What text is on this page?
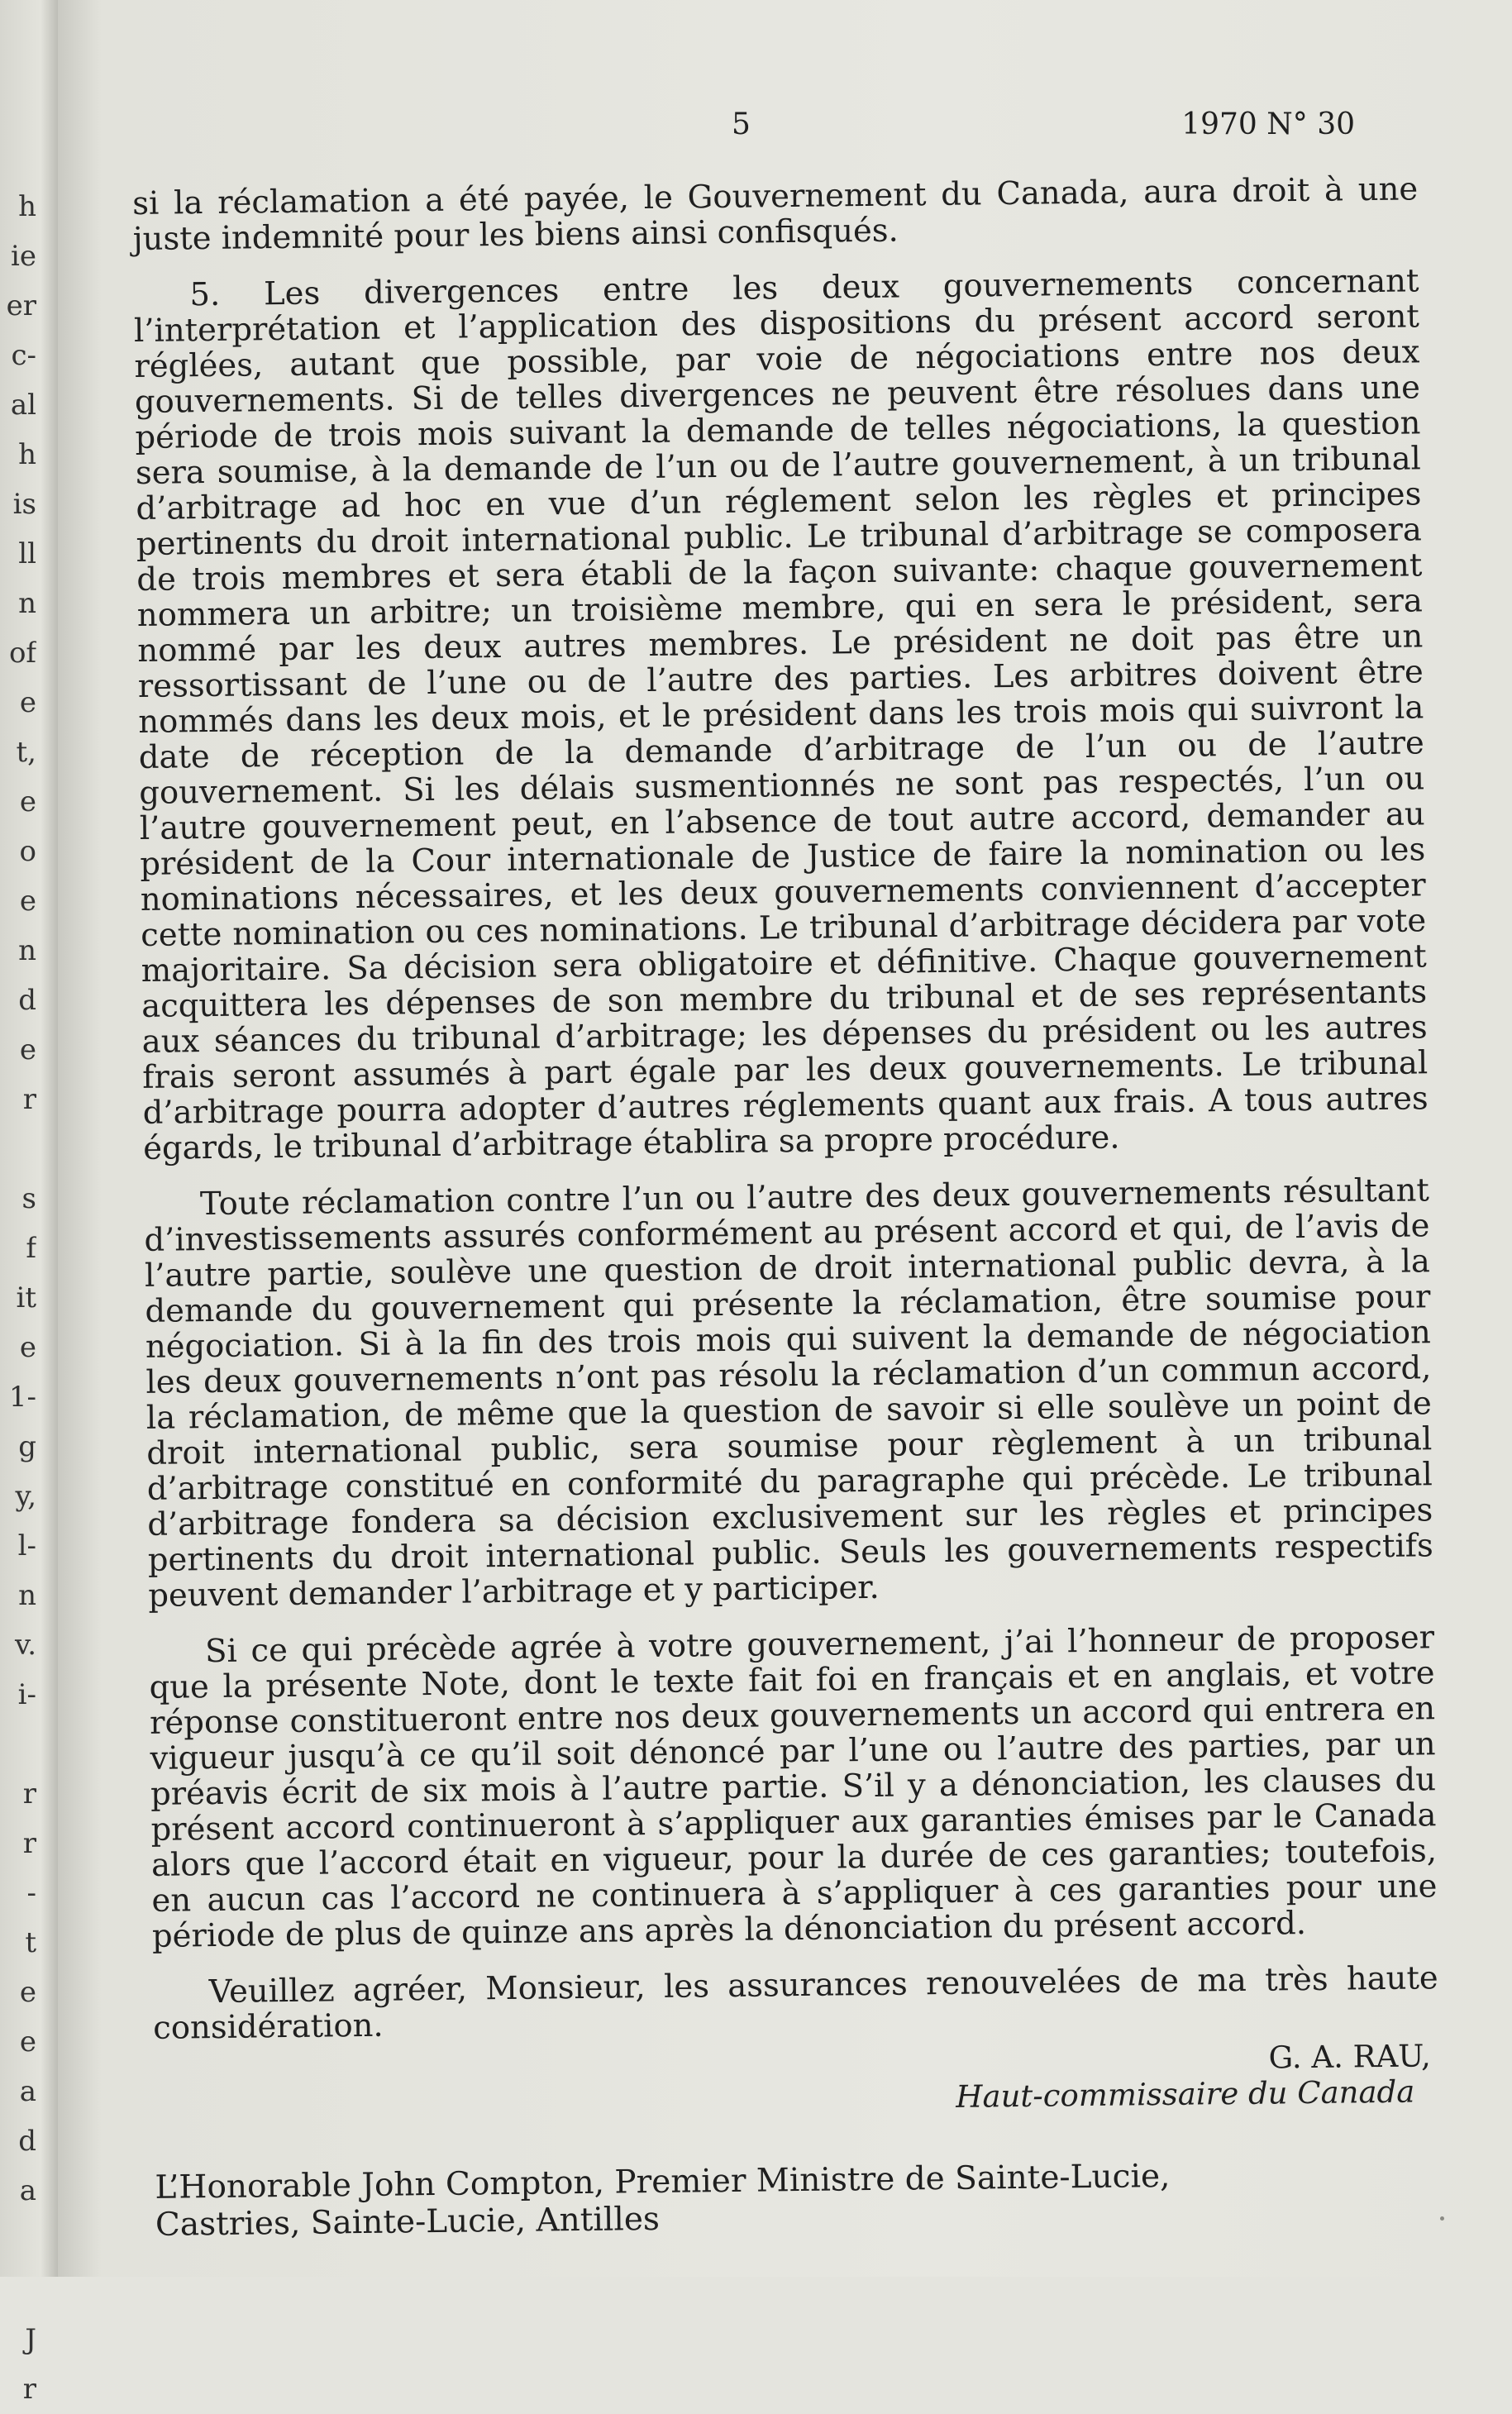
h
ie
er
c-
al
h
is
ll
n
of
e
t,
e
o
e
n
d
e
r
s
f
it
e
1-
g
y,
l-
n
v.
i-
r
r
-
t
e
e
a
d
a
J
r
5	1970 N° 30

si la réclamation a été payée, le Gouvernement du Canada, aura droit à une juste indemnité pour les biens ainsi confisqués.

5. Les divergences entre les deux gouvernements concernant l’interprétation et l’application des dispositions du présent accord seront réglées, autant que possible, par voie de négociations entre nos deux gouvernements. Si de telles divergences ne peuvent être résolues dans une période de trois mois suivant la demande de telles négociations, la question sera soumise, à la demande de l’un ou de l’autre gouvernement, à un tribunal d’arbitrage ad hoc en vue d’un réglement selon les règles et principes pertinents du droit international public. Le tribunal d’arbitrage se composera de trois membres et sera établi de la façon suivante: chaque gouvernement nommera un arbitre; un troisième membre, qui en sera le président, sera nommé par les deux autres membres. Le président ne doit pas être un ressortissant de l’une ou de l’autre des parties. Les arbitres doivent être nommés dans les deux mois, et le président dans les trois mois qui suivront la date de réception de la demande d’arbitrage de l’un ou de l’autre gouvernement. Si les délais susmentionnés ne sont pas respectés, l’un ou l’autre gouvernement peut, en l’absence de tout autre accord, demander au président de la Cour internationale de Justice de faire la nomination ou les nominations nécessaires, et les deux gouvernements conviennent d’accepter cette nomination ou ces nominations. Le tribunal d’arbitrage décidera par vote majoritaire. Sa décision sera obligatoire et définitive. Chaque gouvernement acquittera les dépenses de son membre du tribunal et de ses représentants aux séances du tribunal d’arbitrage; les dépenses du président ou les autres frais seront assumés à part égale par les deux gouvernements. Le tribunal d’arbitrage pourra adopter d’autres réglements quant aux frais. A tous autres égards, le tribunal d’arbitrage établira sa propre procédure.

Toute réclamation contre l’un ou l’autre des deux gouvernements résultant d’investissements assurés conformément au présent accord et qui, de l’avis de l’autre partie, soulève une question de droit international public devra, à la demande du gouvernement qui présente la réclamation, être soumise pour négociation. Si à la fin des trois mois qui suivent la demande de négociation les deux gouvernements n’ont pas résolu la réclamation d’un commun accord, la réclamation, de même que la question de savoir si elle soulève un point de droit international public, sera soumise pour règlement à un tribunal d’arbitrage constitué en conformité du paragraphe qui précède. Le tribunal d’arbitrage fondera sa décision exclusivement sur les règles et principes pertinents du droit international public. Seuls les gouvernements respectifs peuvent demander l’arbitrage et y participer.

Si ce qui précède agrée à votre gouvernement, j’ai l’honneur de proposer que la présente Note, dont le texte fait foi en français et en anglais, et votre réponse constitueront entre nos deux gouvernements un accord qui entrera en vigueur jusqu’à ce qu’il soit dénoncé par l’une ou l’autre des parties, par un préavis écrit de six mois à l’autre partie. S’il y a dénonciation, les clauses du présent accord continueront à s’appliquer aux garanties émises par le Canada alors que l’accord était en vigueur, pour la durée de ces garanties; toutefois, en aucun cas l’accord ne continuera à s’appliquer à ces garanties pour une période de plus de quinze ans après la dénonciation du présent accord.

Veuillez agréer, Monsieur, les assurances renouvelées de ma très haute considération.

G. A. RAU,

Haut-commissaire du Canada

L’Honorable John Compton, Premier Ministre de Sainte-Lucie,
Castries, Sainte-Lucie, Antilles
